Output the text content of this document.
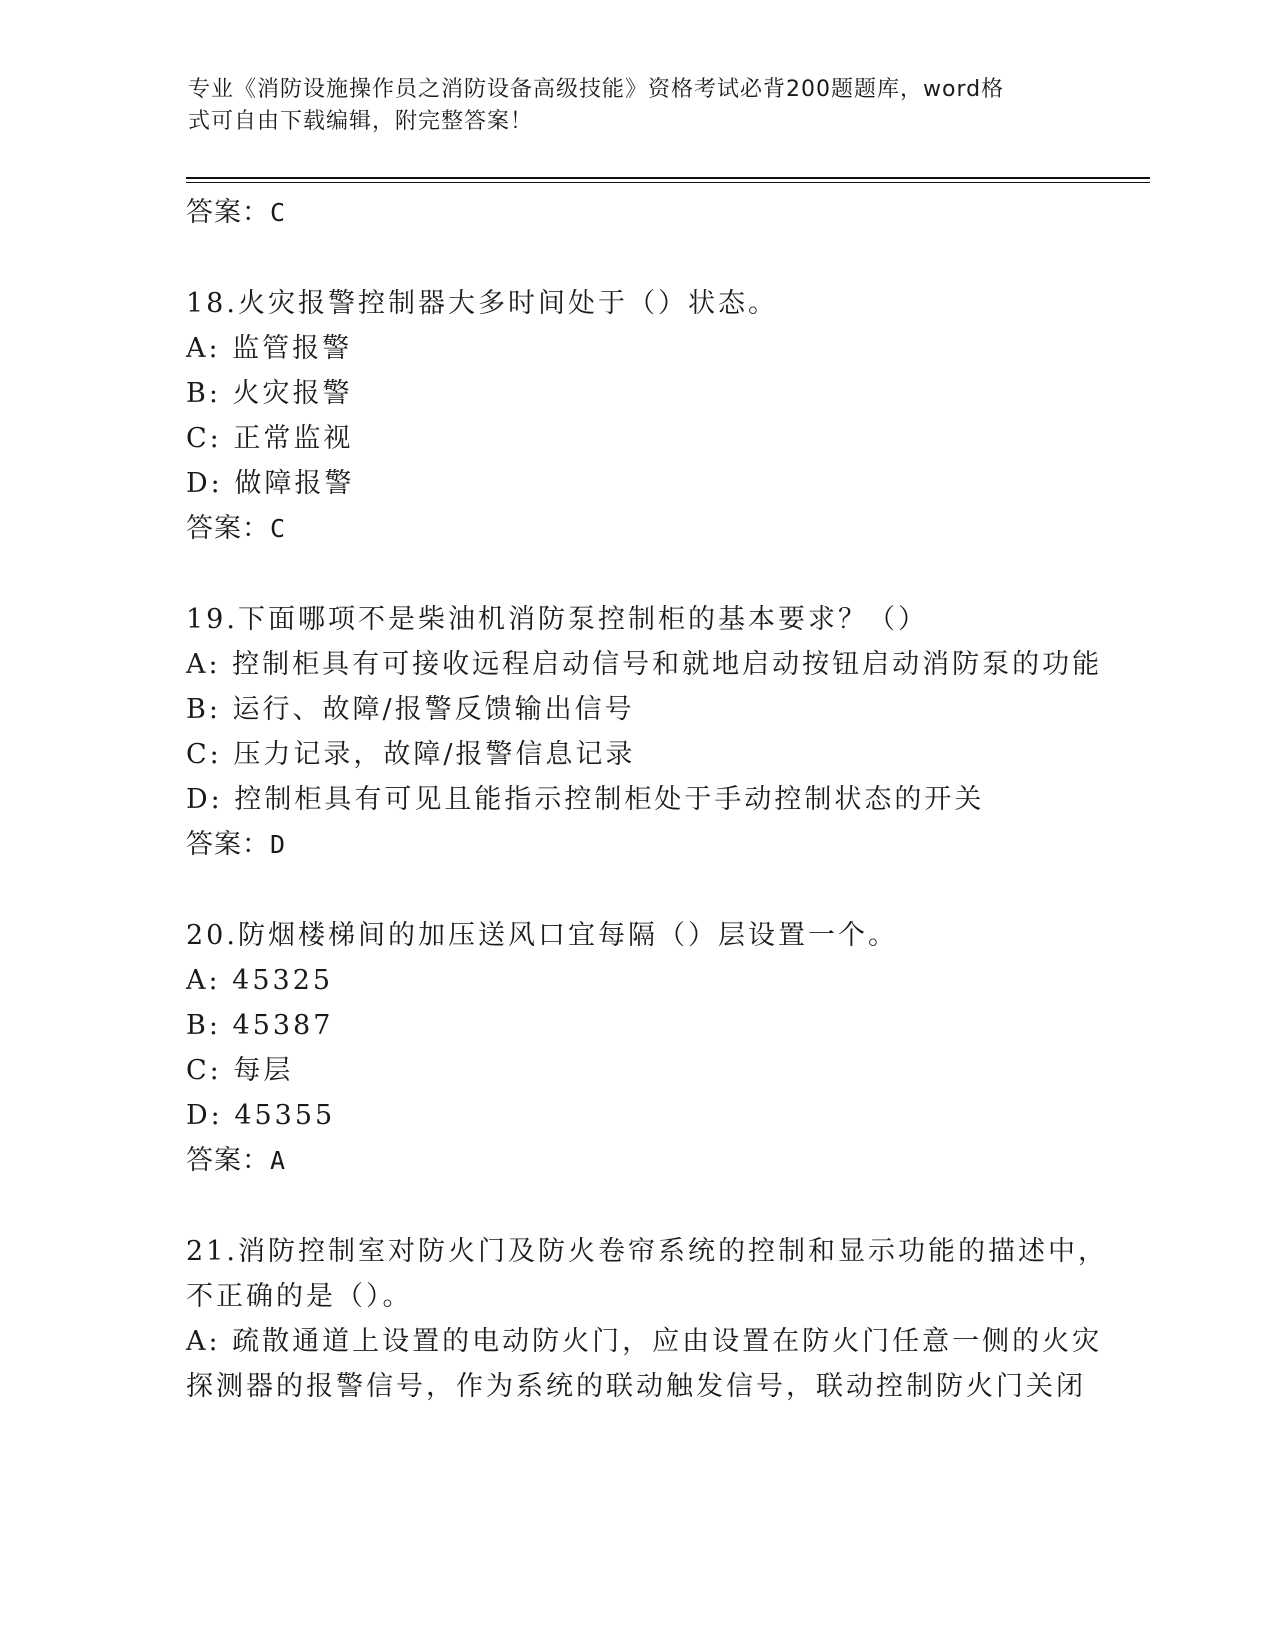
专业《消防设施操作员之消防设备高级技能》资格考试必背200题题库，word格
式可自由下载编辑，附完整答案！
答案：C
18.火灾报警控制器大多时间处于（）状态。
A: 监管报警
B: 火灾报警
C: 正常监视
D: 做障报警
答案：C
19.下面哪项不是柴油机消防泵控制柜的基本要求？（）
A: 控制柜具有可接收远程启动信号和就地启动按钮启动消防泵的功能
B: 运行、故障/报警反馈输出信号
C: 压力记录，故障/报警信息记录
D: 控制柜具有可见且能指示控制柜处于手动控制状态的开关
答案：D
20.防烟楼梯间的加压送风口宜每隔（）层设置一个。
A: 45325
B: 45387
C: 每层
D: 45355
答案：A
21.消防控制室对防火门及防火卷帘系统的控制和显示功能的描述中，
不正确的是（）。
A: 疏散通道上设置的电动防火门，应由设置在防火门任意一侧的火灾
探测器的报警信号，作为系统的联动触发信号，联动控制防火门关闭
